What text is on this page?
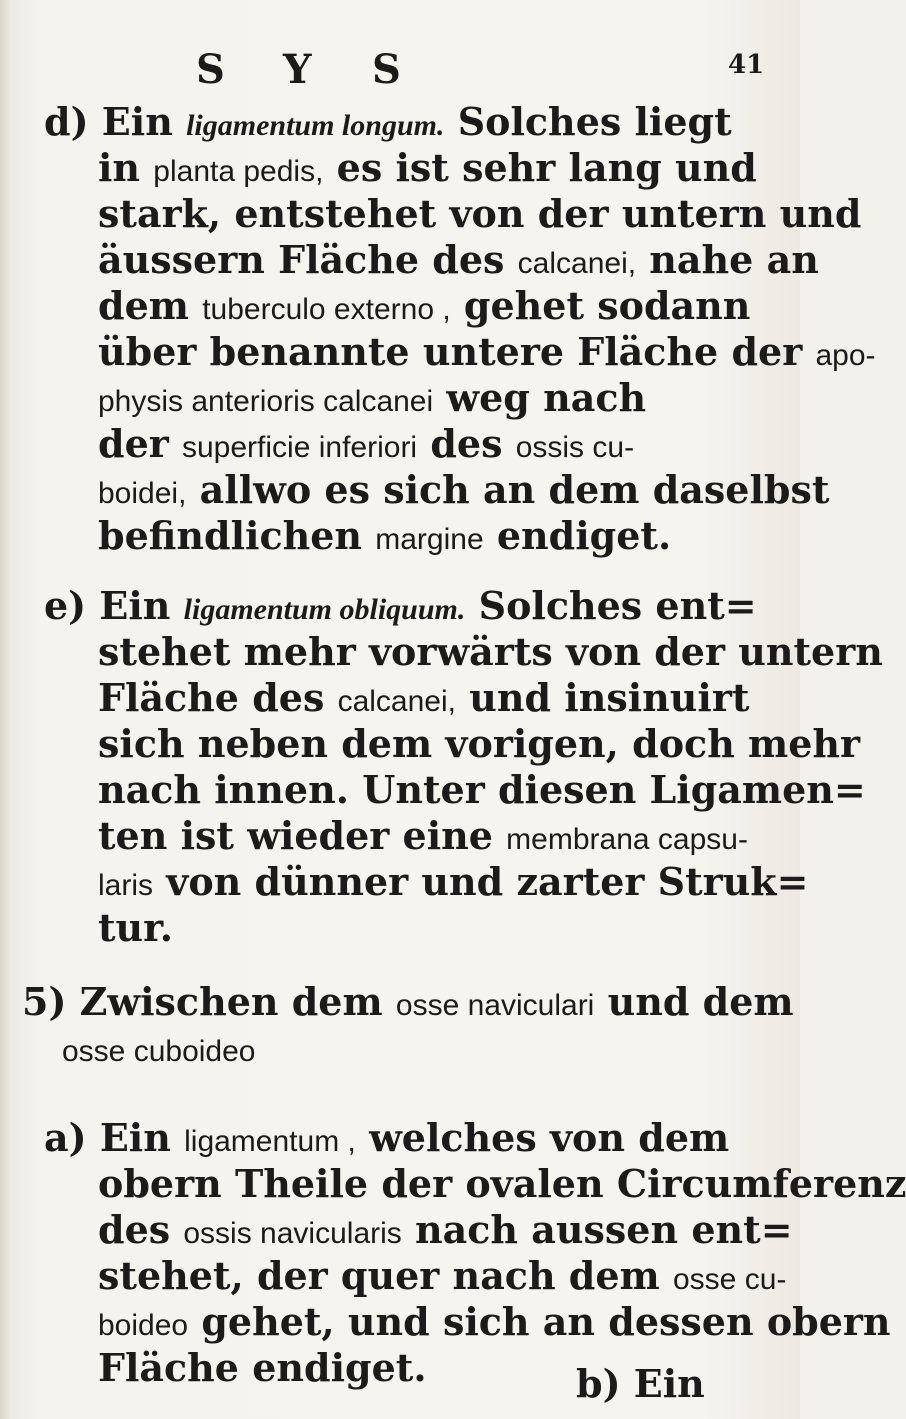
S Y S	41
d) Ein ligamentum longum. Solches liegt
in planta pedis, es ist sehr lang und
stark, entstehet von der untern und
äussern Fläche des calcanei, nahe an
dem tuberculo externo , gehet sodann
über benannte untere Fläche der apo-
physis anterioris calcanei weg nach
der superficie inferiori des ossis cu-
boidei, allwo es sich an dem daselbst
befindlichen margine endiget.
e) Ein ligamentum obliquum. Solches ent=
stehet mehr vorwärts von der untern
Fläche des calcanei, und insinuirt
sich neben dem vorigen, doch mehr
nach innen. Unter diesen Ligamen=
ten ist wieder eine membrana capsu-
laris von dünner und zarter Struk=
tur.
5) Zwischen dem osse naviculari und dem
osse cuboideo
a) Ein ligamentum , welches von dem
obern Theile der ovalen Circumferenz
des ossis navicularis nach aussen ent=
stehet, der quer nach dem osse cu-
boideo gehet, und sich an dessen obern
Fläche endiget.	b) Ein
